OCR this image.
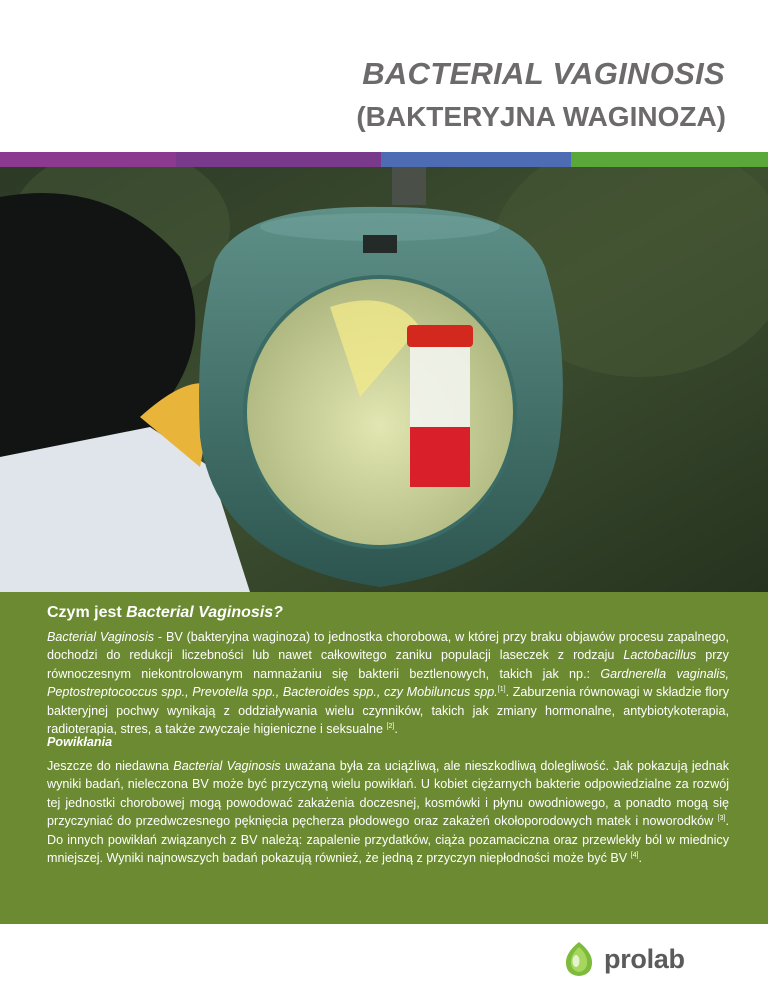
BACTERIAL VAGINOSIS
(BAKTERYJNA WAGINOZA)
Czym jest Bacterial Vaginosis?
Bacterial Vaginosis - BV (bakteryjna waginoza) to jednostka chorobowa, w której przy braku objawów procesu zapalnego, dochodzi do redukcji liczebności lub nawet całkowitego zaniku populacji laseczek z rodzaju Lactobacillus przy równoczesnym niekontrolowanym namnażaniu się bakterii beztlenowych, takich jak np.: Gardnerella vaginalis, Peptostreptococcus spp., Prevotella spp., Bacteroides spp., czy Mobiluncus spp.[1]. Zaburzenia równowagi w składzie flory bakteryjnej pochwy wynikają z oddziaływania wielu czynników, takich jak zmiany hormonalne, antybiotykoterapia, radioterapia, stres, a także zwyczaje higieniczne i seksualne [2].
Powikłania
Jeszcze do niedawna Bacterial Vaginosis uważana była za uciążliwą, ale nieszkodliwą dolegliwość. Jak pokazują jednak wyniki badań, nieleczona BV może być przyczyną wielu powikłań. U kobiet ciężarnych bakterie odpowiedzialne za rozwój tej jednostki chorobowej mogą powodować zakażenia doczesnej, kosmówki i płynu owodniowego, a ponadto mogą się przyczyniać do przedwczesnego pęknięcia pęcherza płodowego oraz zakażeń okołoporodowych matek i noworodków [3]. Do innych powikłań związanych z BV należą: zapalenie przydatków, ciąża pozamaciczna oraz przewlekły ból w miednicy mniejszej. Wyniki najnowszych badań pokazują również, że jedną z przyczyn niepłodności może być BV [4].
prolab
